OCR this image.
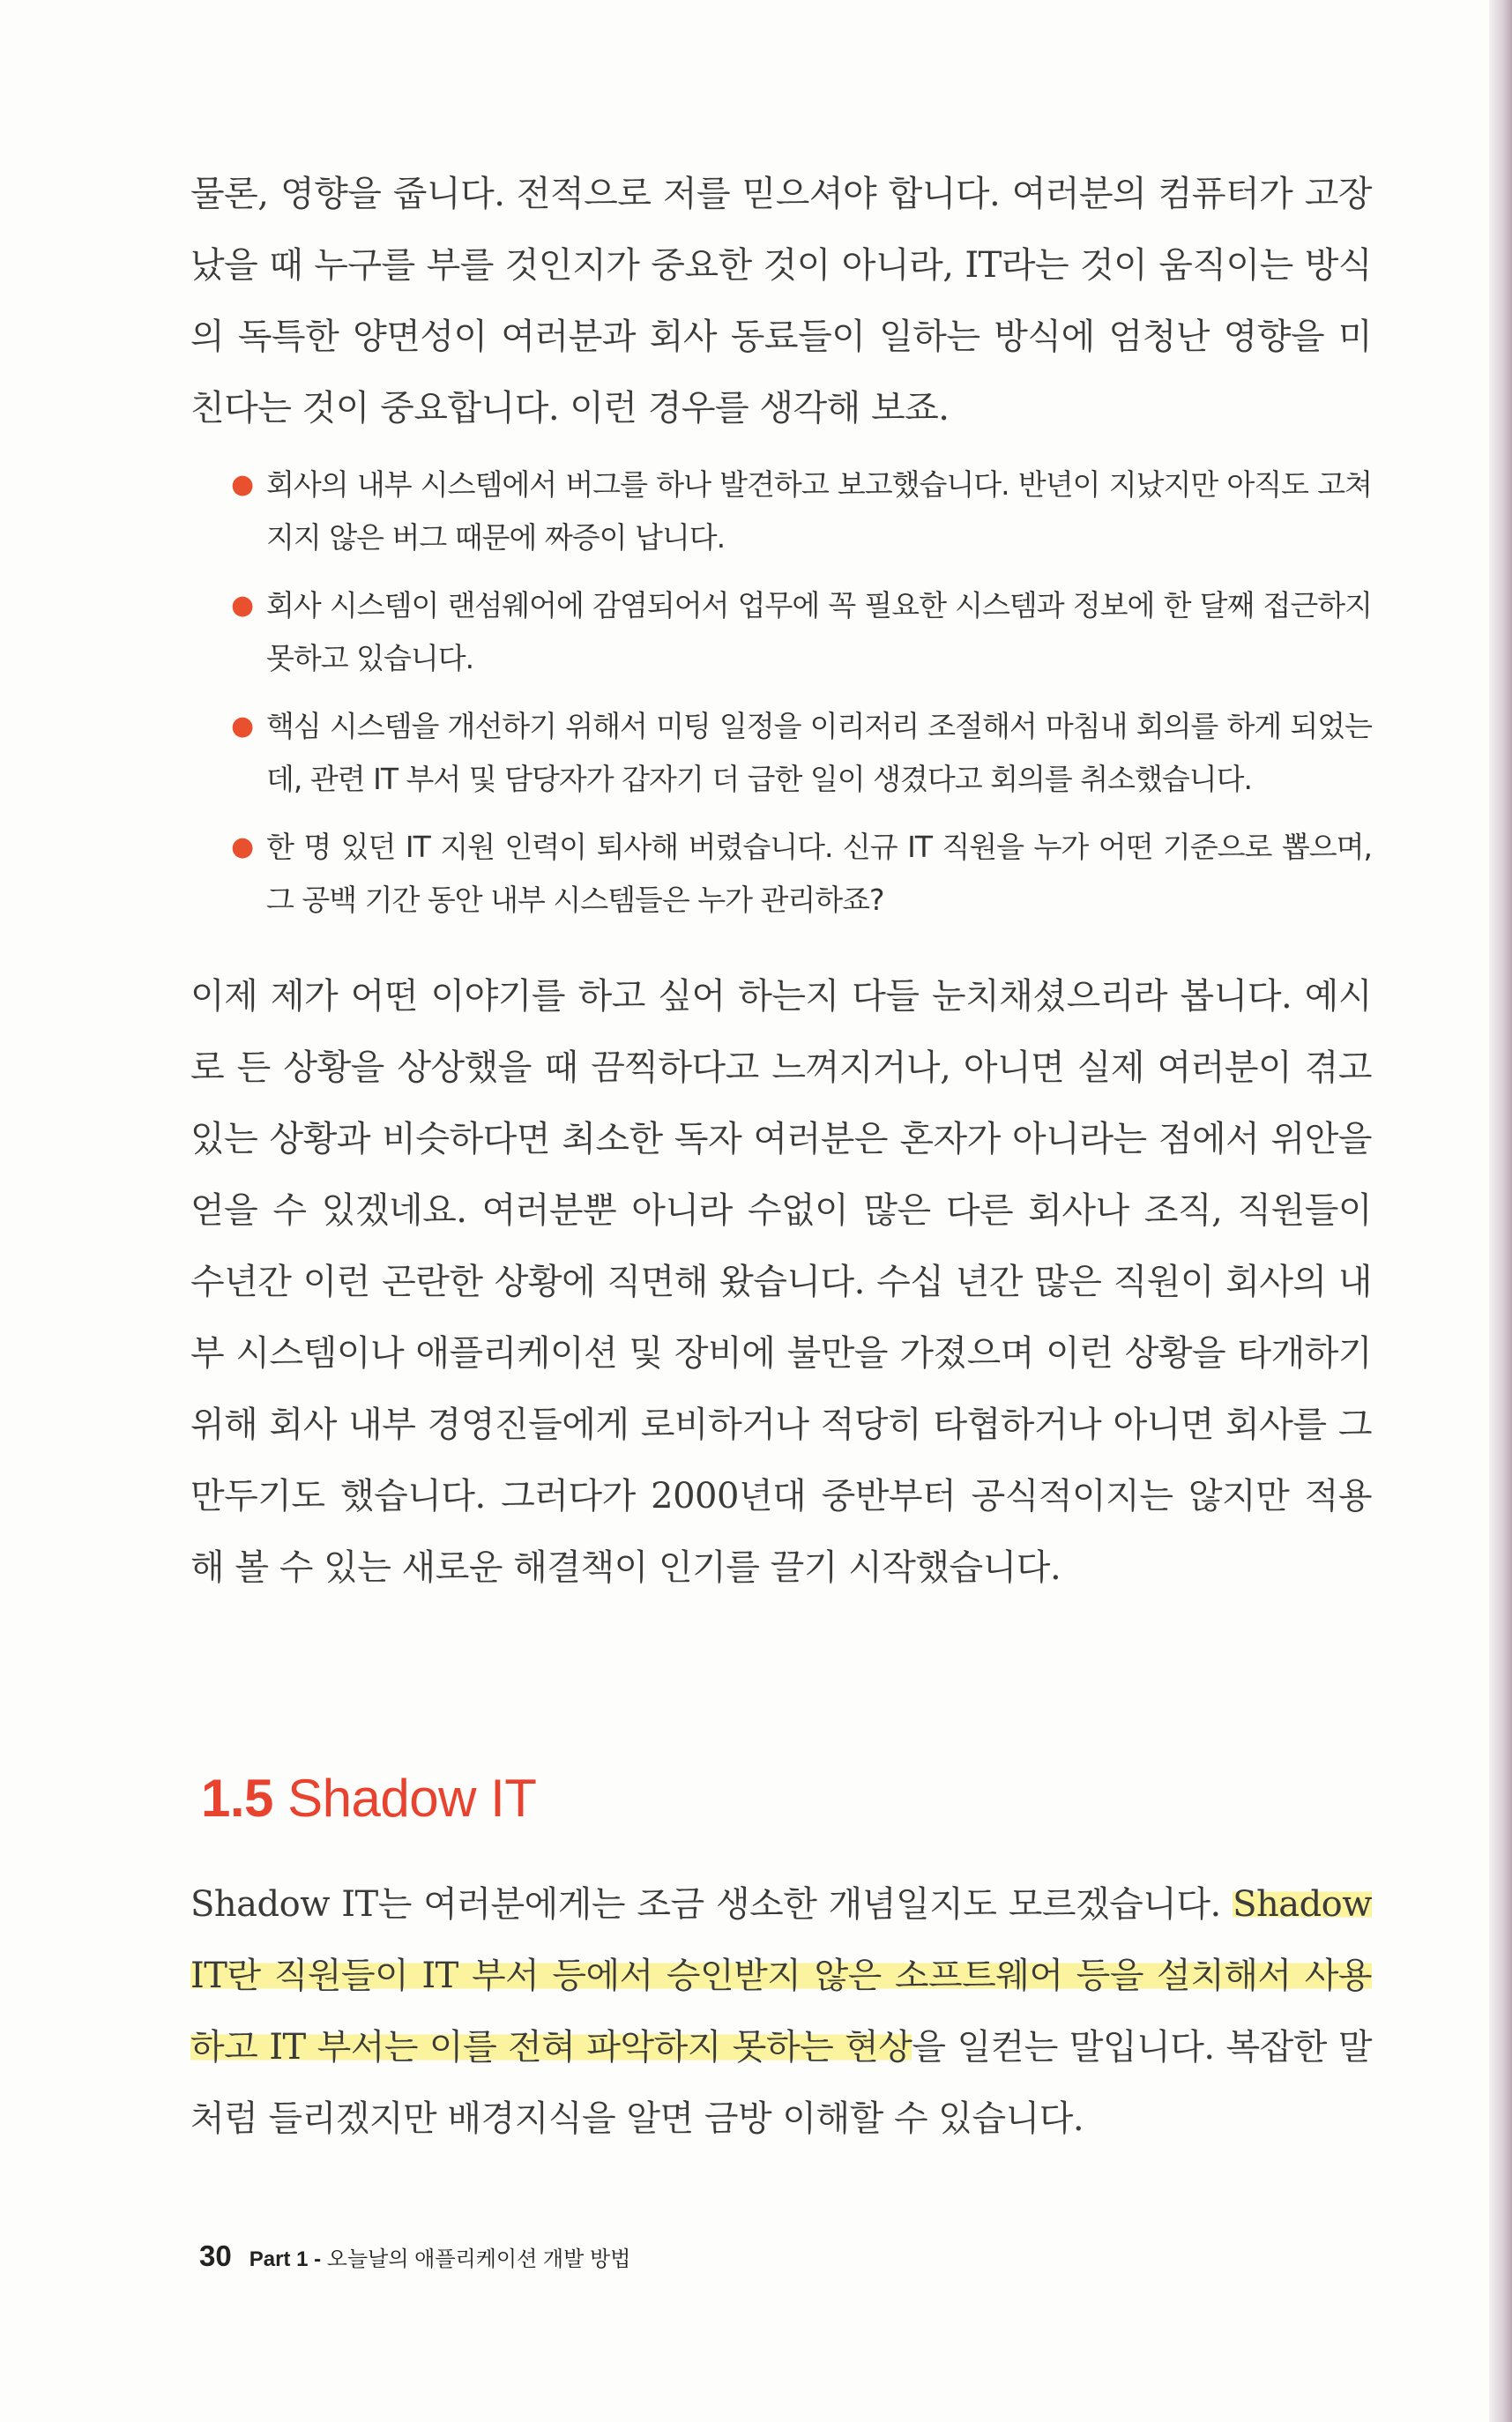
물론, 영향을 줍니다. 전적으로 저를 믿으셔야 합니다. 여러분의 컴퓨터가 고장 났을 때 누구를 부를 것인지가 중요한 것이 아니라, IT라는 것이 움직이는 방식의 독특한 양면성이 여러분과 회사 동료들이 일하는 방식에 엄청난 영향을 미친다는 것이 중요합니다. 이런 경우를 생각해 보죠.

● 회사의 내부 시스템에서 버그를 하나 발견하고 보고했습니다. 반년이 지났지만 아직도 고쳐지지 않은 버그 때문에 짜증이 납니다.
● 회사 시스템이 랜섬웨어에 감염되어서 업무에 꼭 필요한 시스템과 정보에 한 달째 접근하지 못하고 있습니다.
● 핵심 시스템을 개선하기 위해서 미팅 일정을 이리저리 조절해서 마침내 회의를 하게 되었는데, 관련 IT 부서 및 담당자가 갑자기 더 급한 일이 생겼다고 회의를 취소했습니다.
● 한 명 있던 IT 지원 인력이 퇴사해 버렸습니다. 신규 IT 직원을 누가 어떤 기준으로 뽑으며, 그 공백 기간 동안 내부 시스템들은 누가 관리하죠?

이제 제가 어떤 이야기를 하고 싶어 하는지 다들 눈치채셨으리라 봅니다. 예시로 든 상황을 상상했을 때 끔찍하다고 느껴지거나, 아니면 실제 여러분이 겪고 있는 상황과 비슷하다면 최소한 독자 여러분은 혼자가 아니라는 점에서 위안을 얻을 수 있겠네요. 여러분뿐 아니라 수없이 많은 다른 회사나 조직, 직원들이 수년간 이런 곤란한 상황에 직면해 왔습니다. 수십 년간 많은 직원이 회사의 내부 시스템이나 애플리케이션 및 장비에 불만을 가졌으며 이런 상황을 타개하기 위해 회사 내부 경영진들에게 로비하거나 적당히 타협하거나 아니면 회사를 그만두기도 했습니다. 그러다가 2000년대 중반부터 공식적이지는 않지만 적용해 볼 수 있는 새로운 해결책이 인기를 끌기 시작했습니다.

1.5 Shadow IT

Shadow IT는 여러분에게는 조금 생소한 개념일지도 모르겠습니다. Shadow IT란 직원들이 IT 부서 등에서 승인받지 않은 소프트웨어 등을 설치해서 사용하고 IT 부서는 이를 전혀 파악하지 못하는 현상을 일컫는 말입니다. 복잡한 말처럼 들리겠지만 배경지식을 알면 금방 이해할 수 있습니다.

30 Part 1 - 오늘날의 애플리케이션 개발 방법
